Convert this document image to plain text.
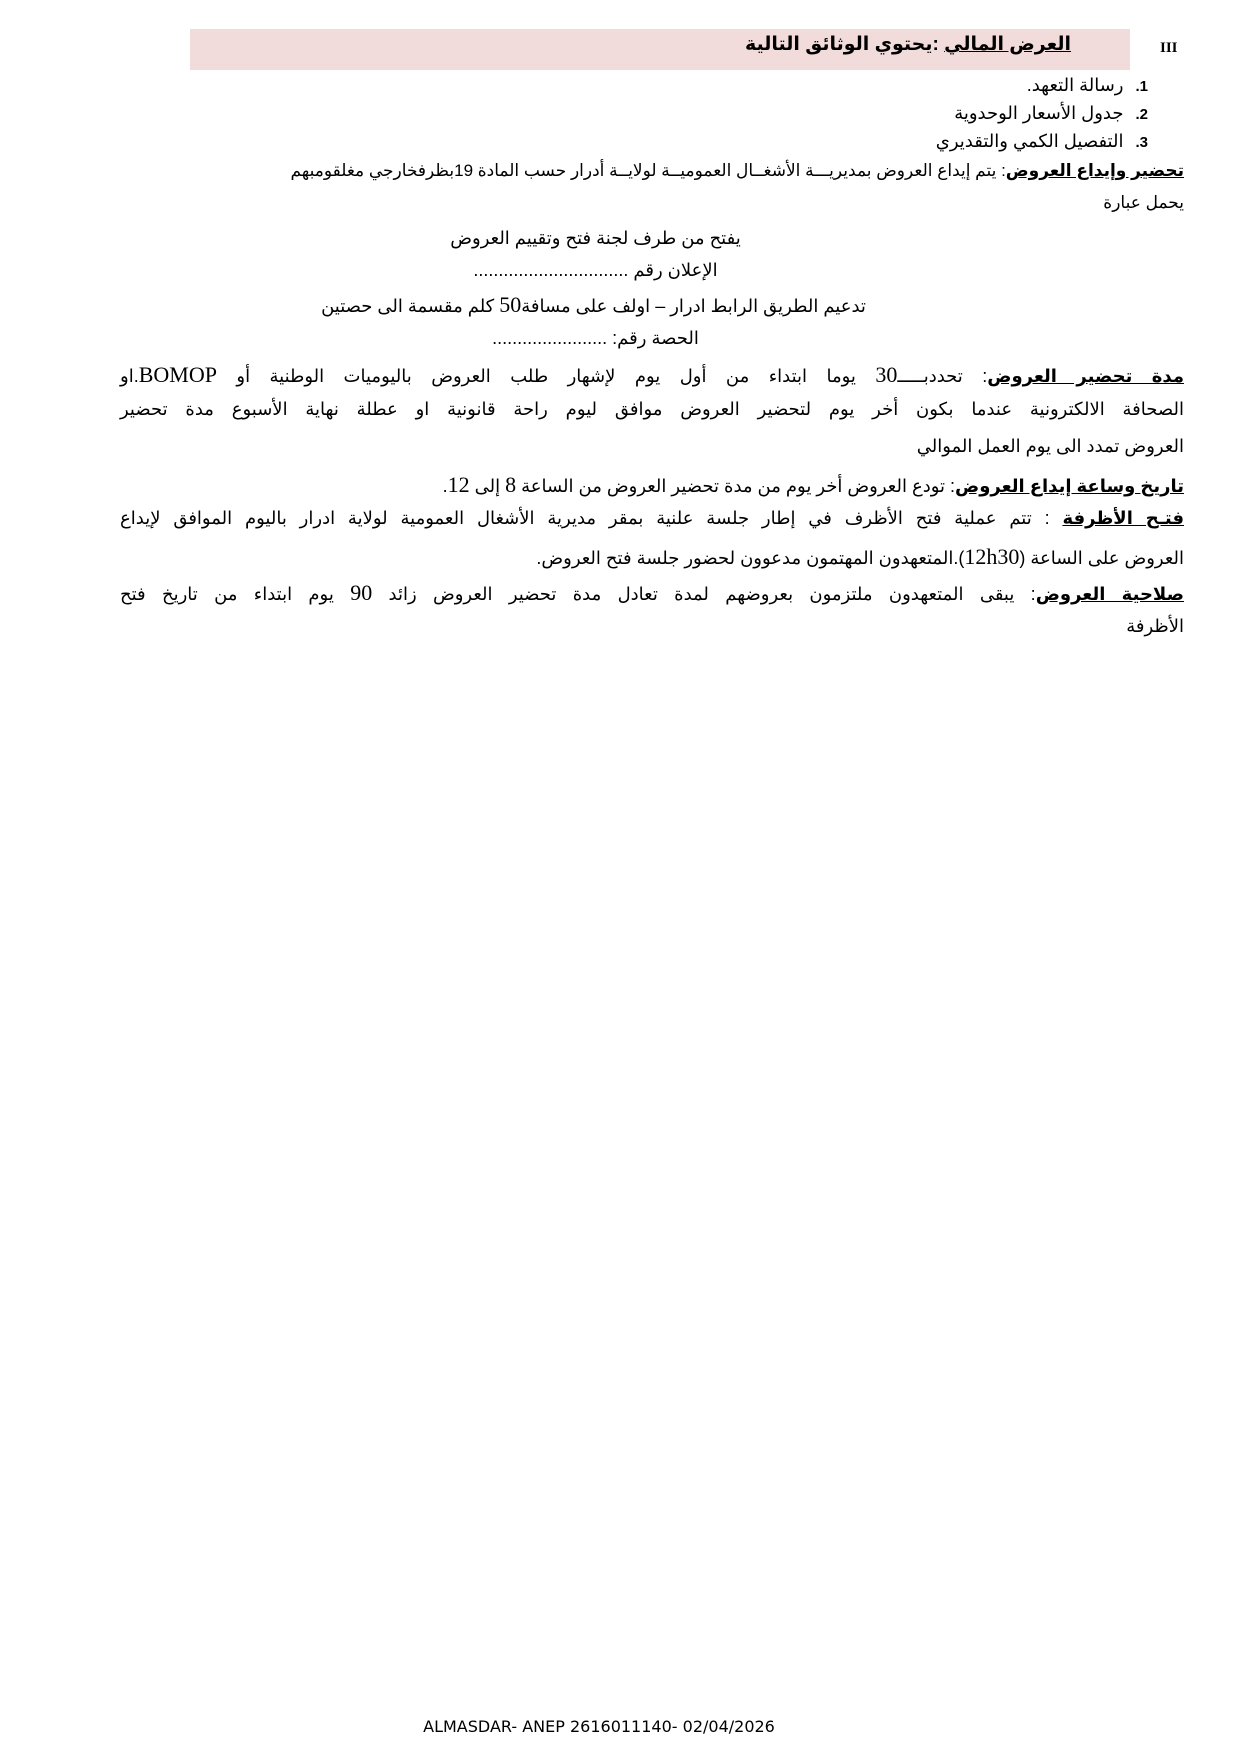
III
العرض المالي :يحتوي الوثائق التالية
1.رسالة التعهد.
2.جدول الأسعار الوحدوية
3.التفصيل الكمي والتقديري
تحضير وإيداع العروض: يتم إيداع العروض بمديريـــة الأشغــال العموميــة لولايــة أدرار حسب المادة 19بظرفخارجي مغلقومبهم
يحمل عبارة
يفتح من طرف لجنة فتح وتقييم العروض
الإعلان رقم ...............................
تدعيم الطريق الرابط ادرار – اولف على مسافة50 كلم مقسمة الى حصتين
الحصة رقم: .......................
مدة تحضير العروض: تحددبـــــ30 يوما ابتداء من أول يوم لإشهار طلب العروض باليوميات الوطنية أو BOMOP.او
الصحافة الالكترونية عندما بكون أخر يوم لتحضير العروض موافق ليوم راحة قانونية او عطلة نهاية الأسبوع مدة تحضير
العروض تمدد الى يوم العمل الموالي
تاريخ وساعة إيداع العروض: تودع العروض أخر يوم من مدة تحضير العروض من الساعة 8 إلى 12.
فتـح الأظرفة : تتم عملية فتح الأظرف في إطار جلسة علنية بمقر مديرية الأشغال العمومية لولاية ادرار باليوم الموافق لإيداع
العروض على الساعة (12h30).المتعهدون المهتمون مدعوون لحضور جلسة فتح العروض.
صلاحية العروض: يبقى المتعهدون ملتزمون بعروضهم لمدة تعادل مدة تحضير العروض زائد 90 يوم ابتداء من تاريخ فتح
الأظرفة
ALMASDAR- ANEP 2616011140- 02/04/2026
